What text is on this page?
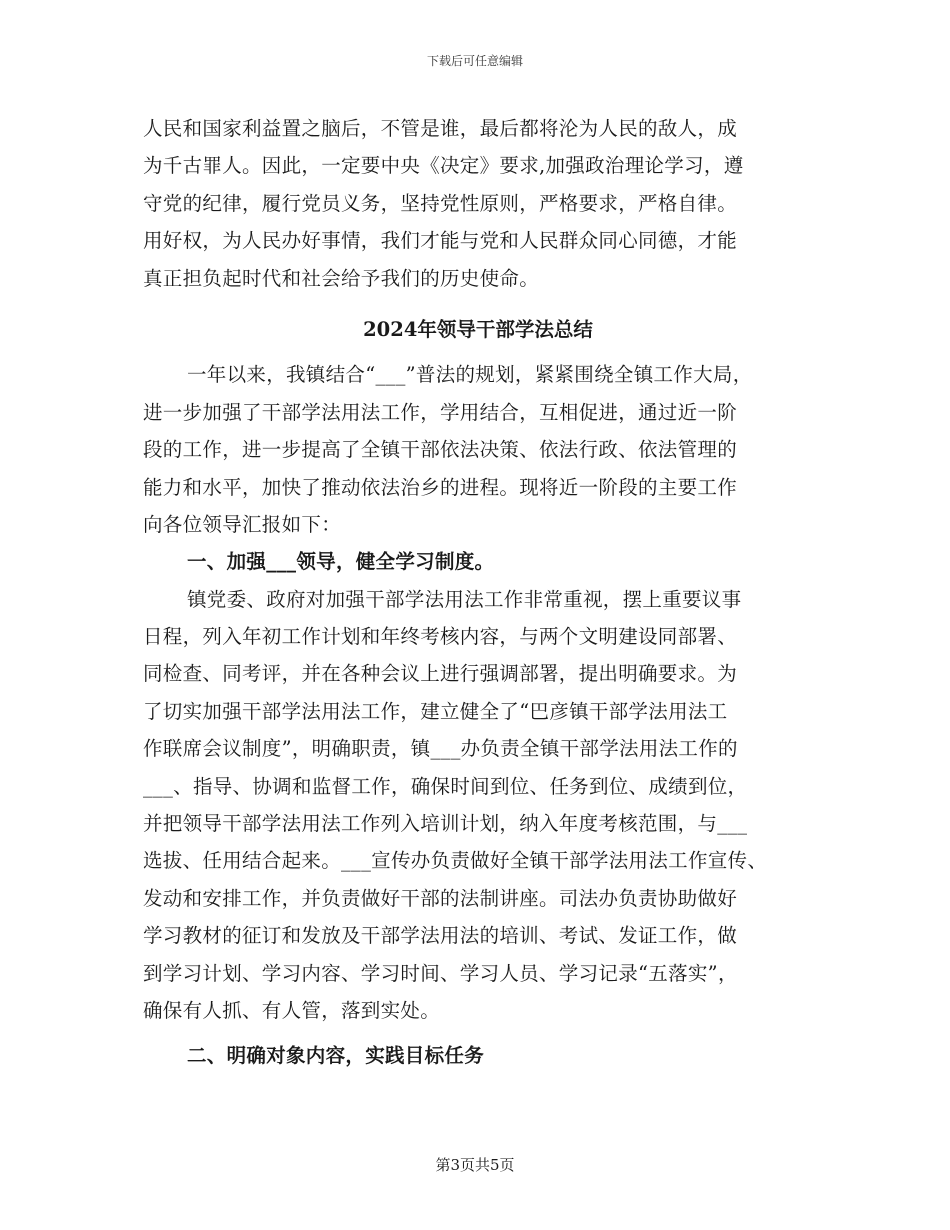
下载后可任意编辑
人民和国家利益置之脑后，不管是谁，最后都将沦为人民的敌人，成
为千古罪人。因此，一定要中央《决定》要求,加强政治理论学习，遵
守党的纪律，履行党员义务，坚持党性原则，严格要求，严格自律。
用好权，为人民办好事情，我们才能与党和人民群众同心同德，才能
真正担负起时代和社会给予我们的历史使命。
2024年领导干部学法总结
一年以来，我镇结合“___”普法的规划，紧紧围绕全镇工作大局，
进一步加强了干部学法用法工作，学用结合，互相促进，通过近一阶
段的工作，进一步提高了全镇干部依法决策、依法行政、依法管理的
能力和水平，加快了推动依法治乡的进程。现将近一阶段的主要工作
向各位领导汇报如下：
一、加强___领导，健全学习制度。
镇党委、政府对加强干部学法用法工作非常重视，摆上重要议事
日程，列入年初工作计划和年终考核内容，与两个文明建设同部署、
同检查、同考评，并在各种会议上进行强调部署，提出明确要求。为
了切实加强干部学法用法工作，建立健全了“巴彦镇干部学法用法工
作联席会议制度”，明确职责，镇___办负责全镇干部学法用法工作的
___、指导、协调和监督工作，确保时间到位、任务到位、成绩到位，
并把领导干部学法用法工作列入培训计划，纳入年度考核范围，与___
选拔、任用结合起来。___宣传办负责做好全镇干部学法用法工作宣传、
发动和安排工作，并负责做好干部的法制讲座。司法办负责协助做好
学习教材的征订和发放及干部学法用法的培训、考试、发证工作，做
到学习计划、学习内容、学习时间、学习人员、学习记录“五落实”，
确保有人抓、有人管，落到实处。
二、明确对象内容，实践目标任务
第3页共5页
